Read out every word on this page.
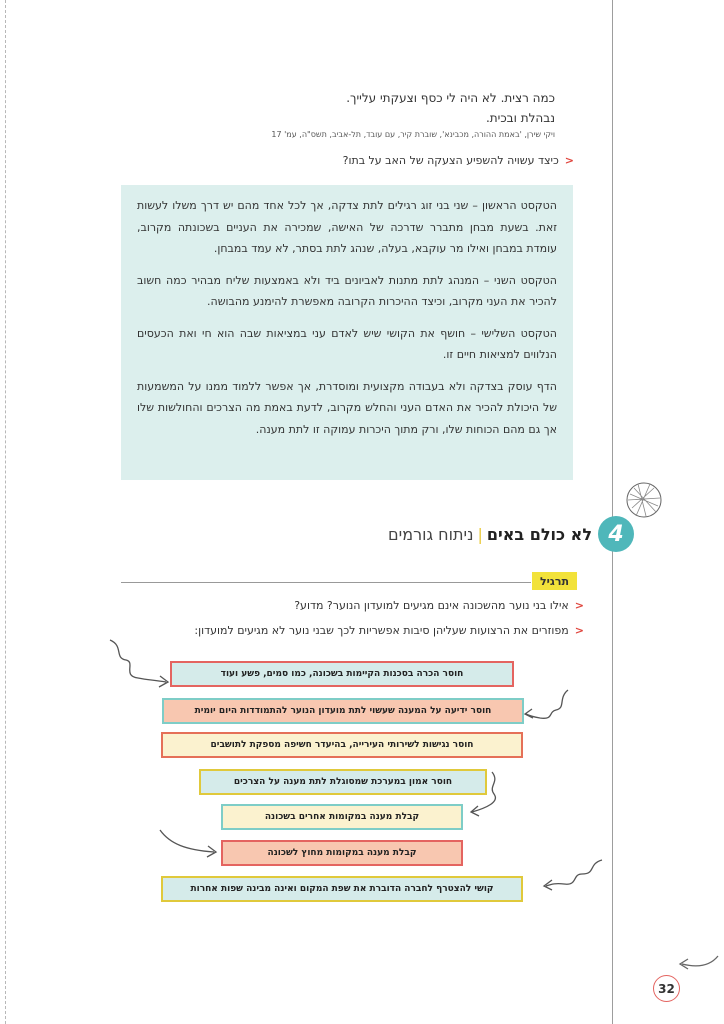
כמה רצית. לא היה לי כסף וצעקתי עלייך.
נבהלת ובכית.
ויקי שירן, 'באמת ההורה, מכבינא', שוברת קיר, עם עובד, תל-אביב, תשס"ה, עמ' 17
<כיצד עשויה להשפיע הצעקה של האב על בתו?

הטקסט הראשון – שני בני זוג רגילים לתת צדקה, אך לכל אחד מהם יש דרך משלו לעשות זאת. בשעת מבחן מתברר שדרכה של האישה, שמכירה את העניים בשכונתה מקרוב, עומדת במבחן ואילו מר עוקבא, בעלה, שנהג לתת בסתר, לא עמד במבחן.

הטקסט השני – המנהג לתת מתנות לאביונים ביד ולא באמצעות שליח מבהיר כמה חשוב להכיר את העני מקרוב, וכיצד ההיכרות הקרובה מאפשרת להימנע מהבושה.

הטקסט השלישי – חושף את הקושי שיש לאדם עני במציאות שבה הוא חי ואת הכעסים הנלווים למציאות חיים זו.

הדף עוסק בצדקה ולא בעבודה מקצועית ומוסדרת, אך אפשר ללמוד ממנו על המשמעות של היכולת להכיר את האדם העני והחלש מקרוב, לדעת באמת מה הצרכים והחולשות שלו אך גם מהם הכוחות שלו, ורק מתוך היכרות עמוקה זו לתת מענה.

4
לא כולם באים|ניתוח גורמים
תרגיל
<אילו בני נוער מהשכונה אינם מגיעים למועדון הנוער? מדוע?
<מפוזרים את הרצועות שעליהן סיבות אפשריות לכך שבני נוער לא מגיעים למועדון:
חוסר הכרה בסכנות הקיימות בשכונה, כמו סמים, פשע ועוד
חוסר ידיעה על המענה שעשוי לתת מועדון הנוער להתמודדות היום יומית
חוסר נגישות לשירותי העירייה, בהיעדר חשיפה מספקת לתושבים
חוסר אמון במערכת שמסוגלת לתת מענה על הצרכים
קבלת מענה במקומות אחרים בשכונה
קבלת מענה במקומות מחוץ לשכונה
קושי להצטרף לחברה הדוברת את שפת המקום ואינה מבינה שפות אחרות
32
